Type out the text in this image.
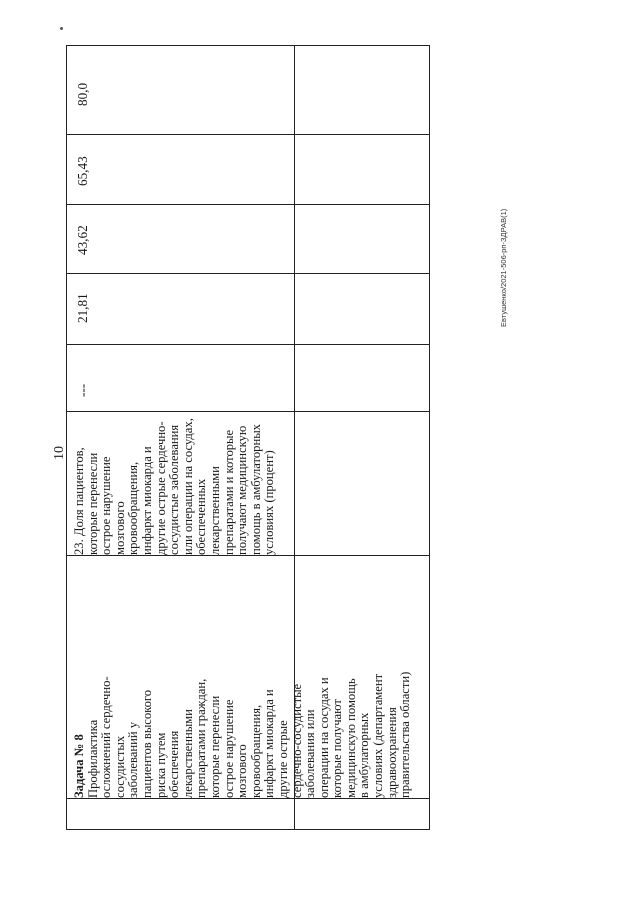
10
Евтушенко/2021-506-рп-ЗДРАВ(1)

Задача № 8 Профилактика
осложнений сердечно-
сосудистых
заболеваний у
пациентов высокого
риска путем
обеспечения
лекарственными
препаратами граждан,
которые перенесли
острое нарушение
мозгового
кровообращения,
инфаркт миокарда и
другие острые
сердечно-сосудистые
заболевания или
операции на сосудах и
которые получают
медицинскую помощь
в амбулаторных
условиях (департамент
здравоохранения
правительства области)

23. Доля пациентов,
которые перенесли
острое нарушение
мозгового
кровообращения,
инфаркт миокарда и
другие острые сердечно-
сосудистые заболевания
или операции на сосудах,
обеспеченных
лекарственными
препаратами и которые
получают медицинскую
помощь в амбулаторных
условиях (процент)

---
21,81
43,62
65,43
80,0
